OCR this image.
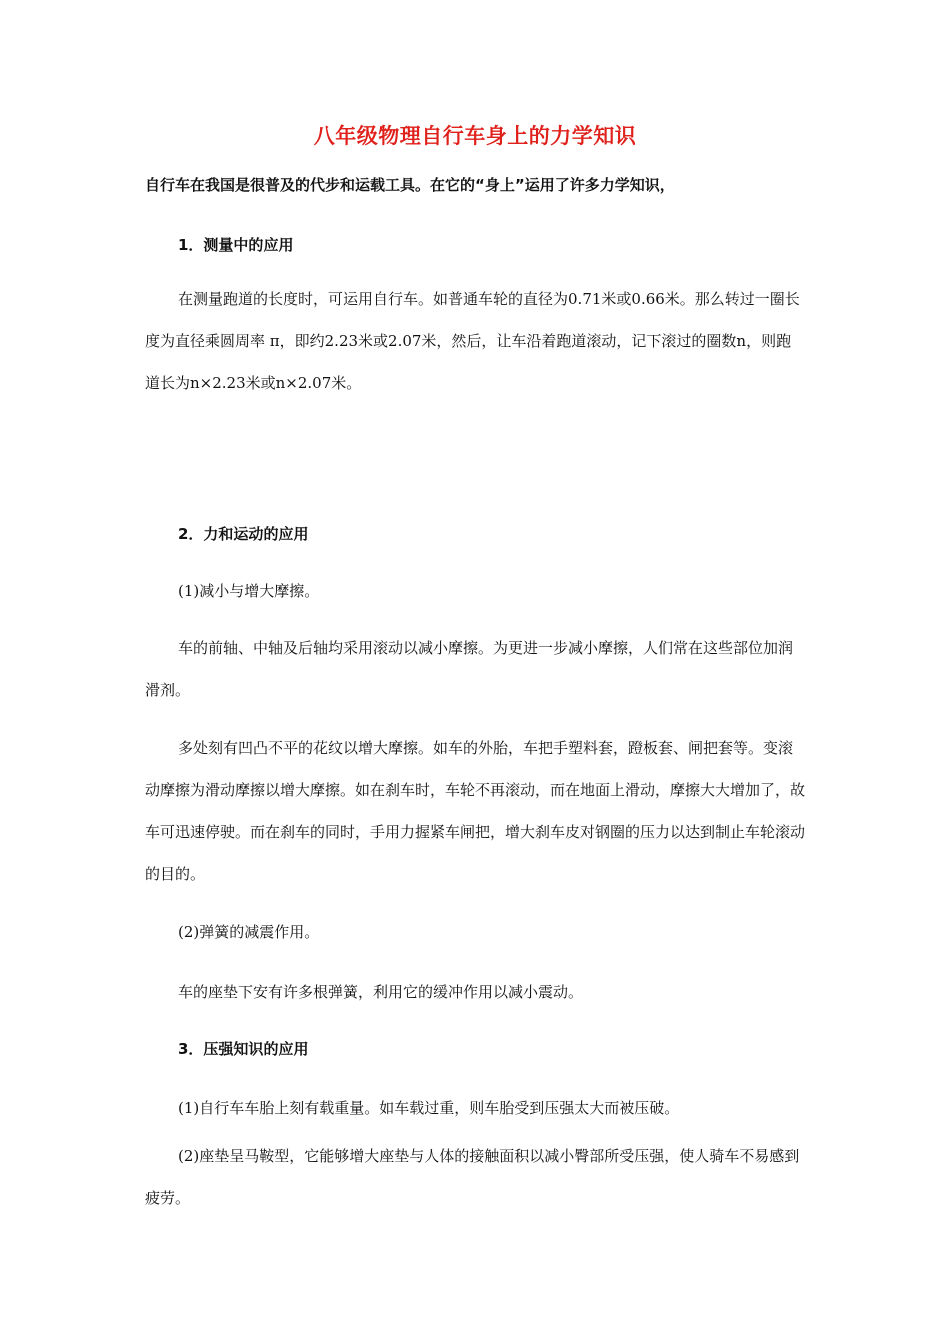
八年级物理自行车身上的力学知识
自行车在我国是很普及的代步和运载工具。在它的“身上”运用了许多力学知识，
1．测量中的应用

在测量跑道的长度时，可运用自行车。如普通车轮的直径为0.71米或0.66米。那么转过一圈长度为直径乘圆周率 π，即约2.23米或2.07米，然后，让车沿着跑道滚动，记下滚过的圈数n，则跑道长为n×2.23米或n×2.07米。

2．力和运动的应用
(1)减小与增大摩擦。

车的前轴、中轴及后轴均采用滚动以减小摩擦。为更进一步减小摩擦，人们常在这些部位加润滑剂。

多处刻有凹凸不平的花纹以增大摩擦。如车的外胎，车把手塑料套，蹬板套、闸把套等。变滚动摩擦为滑动摩擦以增大摩擦。如在刹车时，车轮不再滚动，而在地面上滑动，摩擦大大增加了，故车可迅速停驶。而在刹车的同时，手用力握紧车闸把，增大刹车皮对钢圈的压力以达到制止车轮滚动的目的。

(2)弹簧的减震作用。
车的座垫下安有许多根弹簧，利用它的缓冲作用以减小震动。
3．压强知识的应用
(1)自行车车胎上刻有载重量。如车载过重，则车胎受到压强太大而被压破。

(2)座垫呈马鞍型，它能够增大座垫与人体的接触面积以减小臀部所受压强，使人骑车不易感到疲劳。
